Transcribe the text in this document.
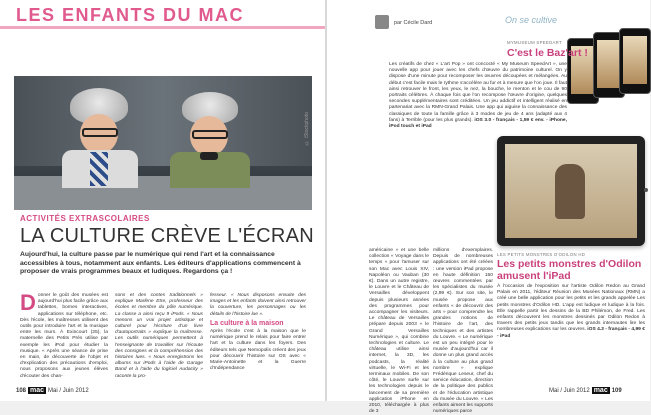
LES ENFANTS DU MAC
© iStockphoto
ACTIVITÉS EXTRASCOLAIRES
LA CULTURE CRÈVE L'ÉCRAN
Aujourd'hui, la culture passe par le numérique qui rend l'art et la connaissance accessibles à tous, notamment aux enfants. Les éditeurs d'applications commencent à proposer de vrais programmes beaux et ludiques. Regardons ça !
Donner le goût des musées est aujourd'hui plus facile grâce aux tablettes, bornes interactives, applications sur téléphone, etc. Dès l'école, les maîtresses utilisent des outils pour introduire l'art et la musique entre les murs. À Exincourt (25), la maternelle des Petits Prés utilise par exemple les iPod pour étudier la musique. « Après une séance de prise en main, de découverte de l'objet et d'explication des précautions d'emploi, nous proposons aux jeunes élèves d'écouter des chan-
sons et des contes traditionnels » explique Marlène Etre, professeur des écoles et membre du pôle numérique. La classe a ainsi reçu 9 iPods. « Nous menons un vrai projet artistique et culturel pour l'écriture d'un livre d'autoportraits » explique la maîtresse. Les outils numériques permettent à l'enseignante de travailler sur l'écoute des consignes et la compréhension des histoires lues. « Nous enregistrons les albums sur iPods à l'aide de Garage Band et à l'aide du logiciel Audacity » raconte la pro-
fesseur. « Nous disposons ensuite des images et les enfants doivent ainsi retrouver la couverture, les personnages ou les détails de l'histoire lue ».
La culture à la maison
Après l'école c'est à la maison que le numérique prend le relais pour faire entrer l'art et la culture dans les foyers. Des éditeurs tels que Nemopolis créent des jeux pour découvrir l'histoire sur OS avec « Marie-Antoinette et la Guerre d'Indépendance
108 mac Mai / Juin 2012
par Cécile Dard	On se cultive
MYMUSEUM SPEEDART
C'est le Baz'art !
Les créatifs de chez « L'art Pop » ont concocté « My Museum SpeedArt », une nouvelle app pour jouer avec les chefs d'œuvre du patrimoine culturel. On y dispose d'une minute pour recomposer les œuvres découpées et mélangées. Au début c'est facile mais le rythme s'accélère au fur et à mesure que l'on joue. Il faut ainsi retrouver le front, les yeux, le nez, la bouche, le menton et le cou de 90 portraits célèbres. À chaque fois que l'on recompose l'œuvre d'origine, quelques secondes supplémentaires sont créditées. Un jeu addictif et intelligent réalisé en partenariat avec la RMN-Grand Palais. Une app qui aiguise la connaissance des classiques de toute la famille grâce à 3 modes de jeu de 4 ans (adapté aux 4 fans) à Terrible (pour les plus grands). iOS 3.0 - français - 1,59 € env. - iPhone, iPod touch et iPad
LES PETITS MONSTRES D'ODILON HD
Les petits monstres d'Odilon amusent l'iPad
À l'occasion de l'exposition sur l'artiste Odilon Redon au Grand Palais en 2011, l'éditeur Réunion des Musées Nationaux (RMN) a créé une belle application pour les petits et les grands appelée Les petits monstres d'Odilon HD. L'app est ludique et ludique à la fois. Elle rappelle partir les dessins de la BD Philémon, de Fred. Les enfants découvrent les monstres dessinés par Odilon Redon à travers des petits jeux tandis que les grands internautes lire les nombreuses explications sur les œuvres. iOS 4.3 - français - 4,99 € - iPad
américaine » et une belle collection « Voyage dans le temps » pour l'amuser sur son Mac avec Louis XIV, Napoléon ou Vauban (30 €). Dans un autre registre, le Louvre et le Château de Versailles développent depuis plusieurs années des programmes pour accompagner les visiteurs. Le château de Versailles prépare depuis 2003 « le Grand Versailles Numérique », qui combine technologies et culture. Le château utilise ainsi internet, la 3D, les podcasts, la réalité virtuelle, le Wi-Fi et les terminaux mobiles. De son côté, le Louvre surfe sur les technologies depuis le lancement de sa première application iPhone en 2010, téléchargée à plus de 3
millions d'exemplaires. Depuis de nombreuses applications ont été créées : une version iPad propose en haute définition 150 œuvres commentées par les spécialistes du musée (2,99 €). Sur son site, le musée propose aux enfants « de découvrir des arts » pour comprendre les grandes notions de l'histoire de l'art, des techniques et des artistes du Louvre. « Le numérique est un peu intégré pour le musée d'aujourd'hui car il donne un plus grand accès à la culture au plus grand nombre » explique Frédérique Leseur, chef du service éducation, direction de la politique des publics et de l'éducation artistique du musée du Louvre. « Les enfants aiment les supports numériques parce
Mai / Juin 2012 mac 109
